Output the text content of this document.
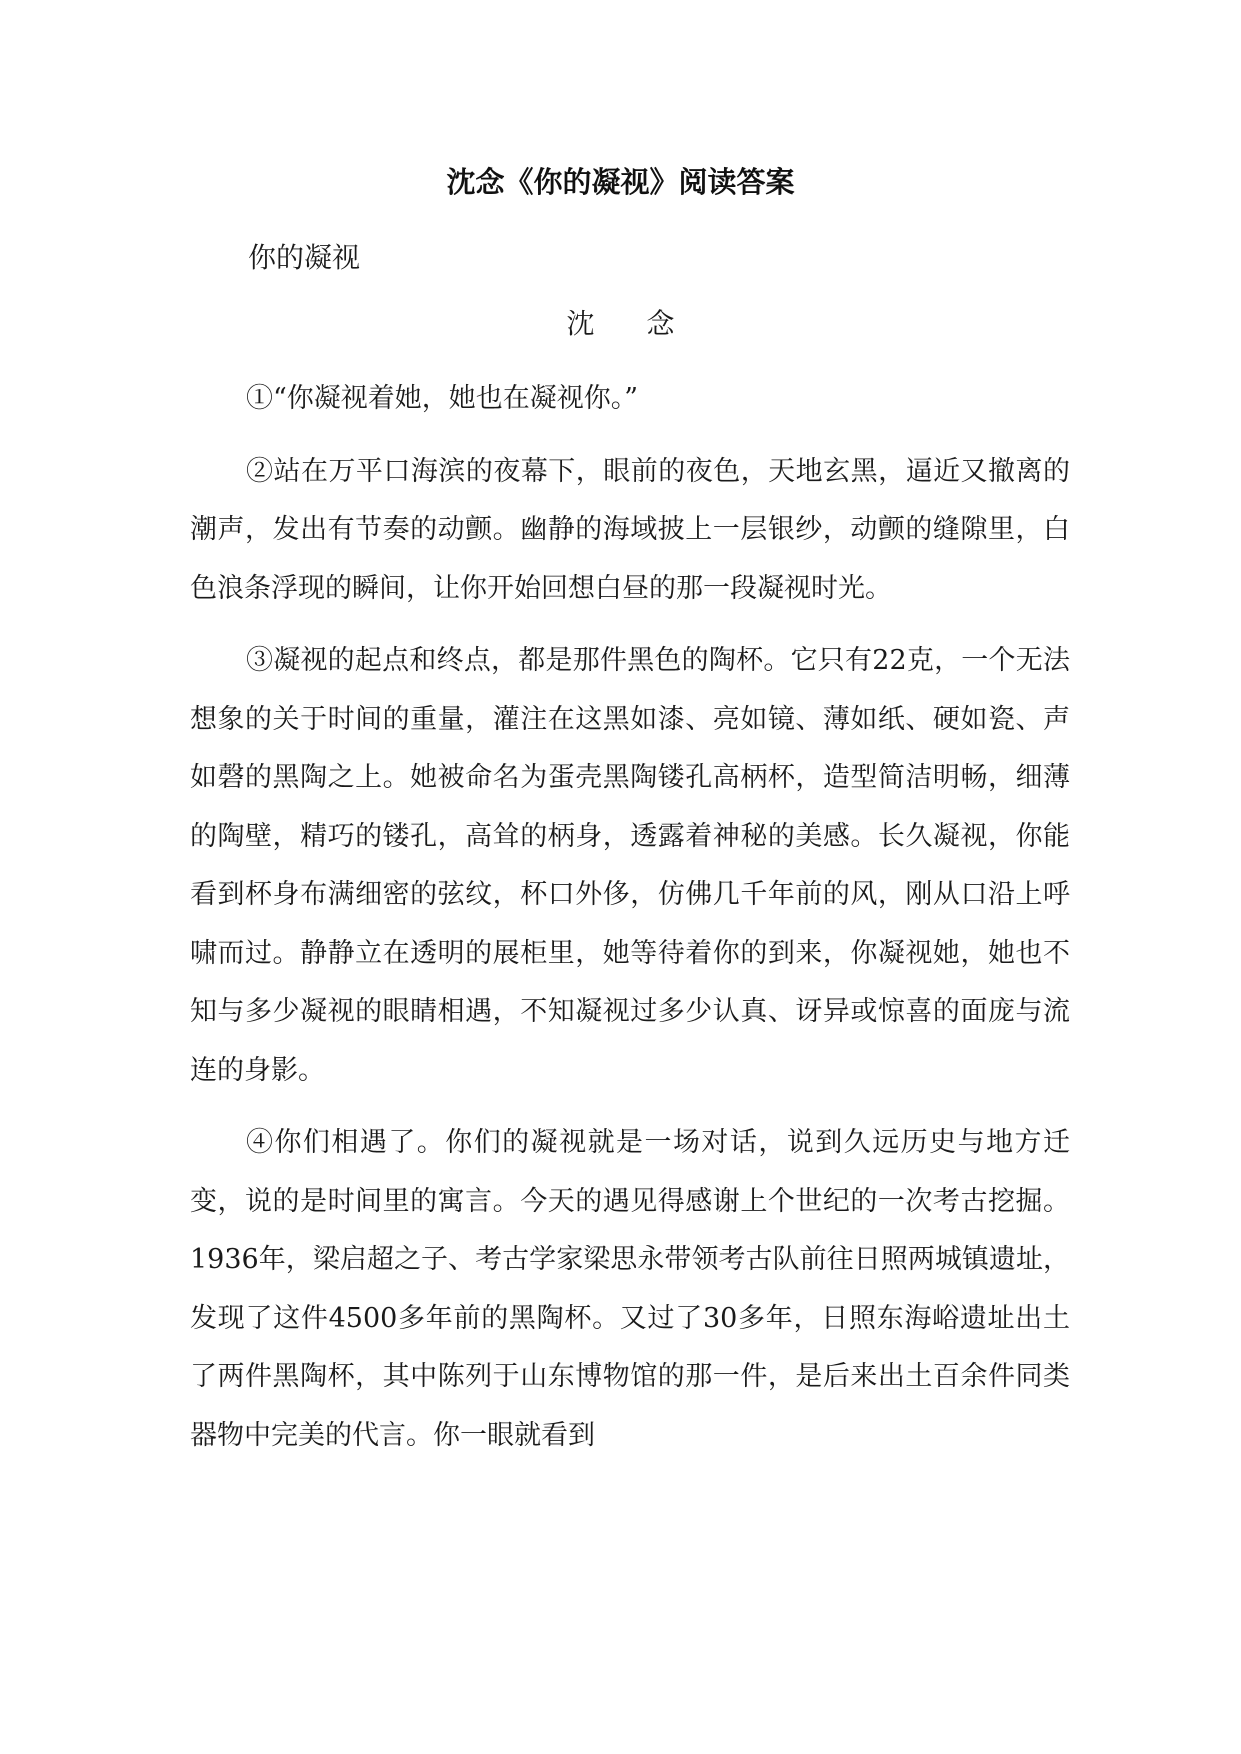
沈念《你的凝视》阅读答案

你的凝视

沈念

①“你凝视着她，她也在凝视你。”

②站在万平口海滨的夜幕下，眼前的夜色，天地玄黑，逼近又撤离的潮声，发出有节奏的动颤。幽静的海域披上一层银纱，动颤的缝隙里，白色浪条浮现的瞬间，让你开始回想白昼的那一段凝视时光。

③凝视的起点和终点，都是那件黑色的陶杯。它只有22克，一个无法想象的关于时间的重量，灌注在这黑如漆、亮如镜、薄如纸、硬如瓷、声如磬的黑陶之上。她被命名为蛋壳黑陶镂孔高柄杯，造型简洁明畅，细薄的陶壁，精巧的镂孔，高耸的柄身，透露着神秘的美感。长久凝视，你能看到杯身布满细密的弦纹，杯口外侈，仿佛几千年前的风，刚从口沿上呼啸而过。静静立在透明的展柜里，她等待着你的到来，你凝视她，她也不知与多少凝视的眼睛相遇，不知凝视过多少认真、讶异或惊喜的面庞与流连的身影。

④你们相遇了。你们的凝视就是一场对话，说到久远历史与地方迁变，说的是时间里的寓言。今天的遇见得感谢上个世纪的一次考古挖掘。1936年，梁启超之子、考古学家梁思永带领考古队前往日照两城镇遗址，发现了这件4500多年前的黑陶杯。又过了30多年，日照东海峪遗址出土了两件黑陶杯，其中陈列于山东博物馆的那一件，是后来出土百余件同类器物中完美的代言。你一眼就看到
